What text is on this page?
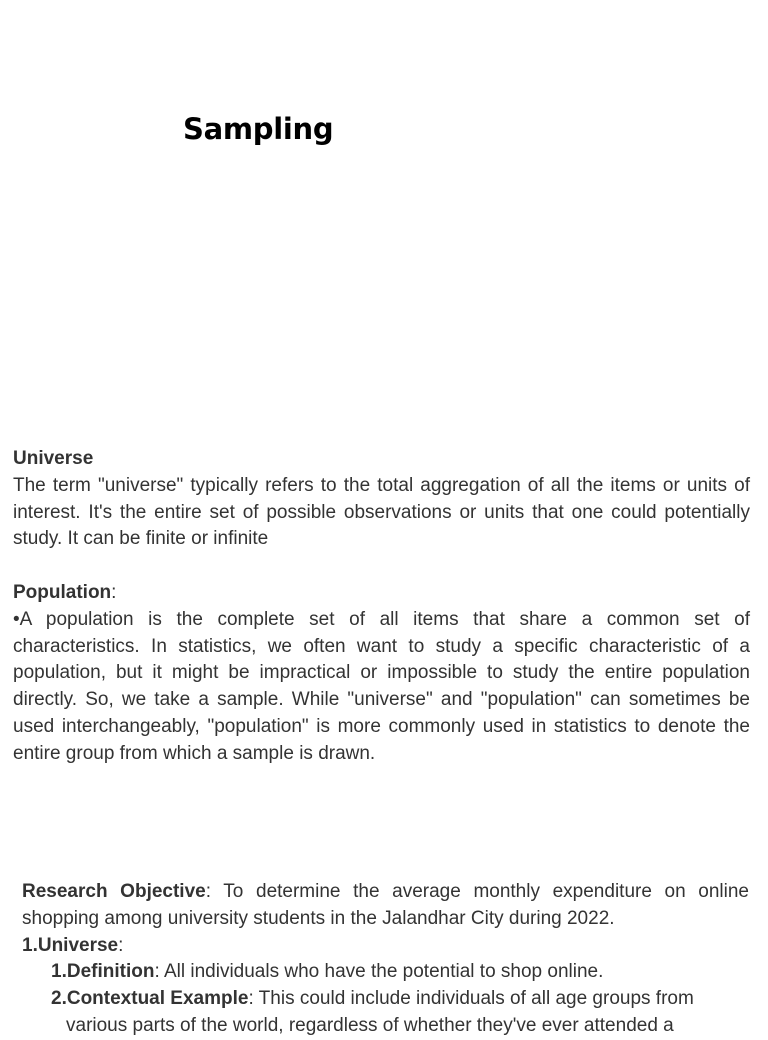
Sampling
Universe
The term "universe" typically refers to the total aggregation of all the items or units of interest. It's the entire set of possible observations or units that one could potentially study. It can be finite or infinite
Population:
•A population is the complete set of all items that share a common set of characteristics. In statistics, we often want to study a specific characteristic of a population, but it might be impractical or impossible to study the entire population directly. So, we take a sample. While "universe" and "population" can sometimes be used interchangeably, "population" is more commonly used in statistics to denote the entire group from which a sample is drawn.
Research Objective: To determine the average monthly expenditure on online shopping among university students in the Jalandhar City during 2022.
1.Universe:
1.Definition: All individuals who have the potential to shop online.
2.Contextual Example: This could include individuals of all age groups from
various parts of the world, regardless of whether they've ever attended a
